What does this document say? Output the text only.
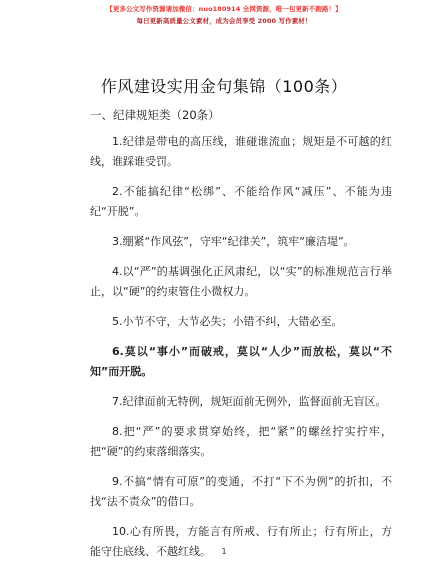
【更多公文写作资源请加微信：nuo180914 全网资源，唯一包更新不跑路！】
每日更新高质量公文素材，成为会员享受 2000 写作素材！
作风建设实用金句集锦（100条）
一、纪律规矩类（20条）

1.纪律是带电的高压线，谁碰谁流血；规矩是不可越的红线，谁踩谁受罚。

2.不能搞纪律“松绑”、不能给作风“减压”、不能为违纪“开脱”。

3.绷紧“作风弦”，守牢“纪律关”，筑牢“廉洁堤”。

4.以“严”的基调强化正风肃纪，以“实”的标准规范言行举止，以“硬”的约束管住小微权力。

5.小节不守，大节必失；小错不纠，大错必至。

6.莫以“事小”而破戒，莫以“人少”而放松，莫以“不知”而开脱。

7.纪律面前无特例，规矩面前无例外，监督面前无盲区。

8.把“严”的要求贯穿始终，把“紧”的螺丝拧实拧牢，把“硬”的约束落细落实。

9.不搞“情有可原”的变通，不打“下不为例”的折扣，不找“法不责众”的借口。

10.心有所畏，方能言有所戒、行有所止；行有所止，方能守住底线、不越红线。	1
